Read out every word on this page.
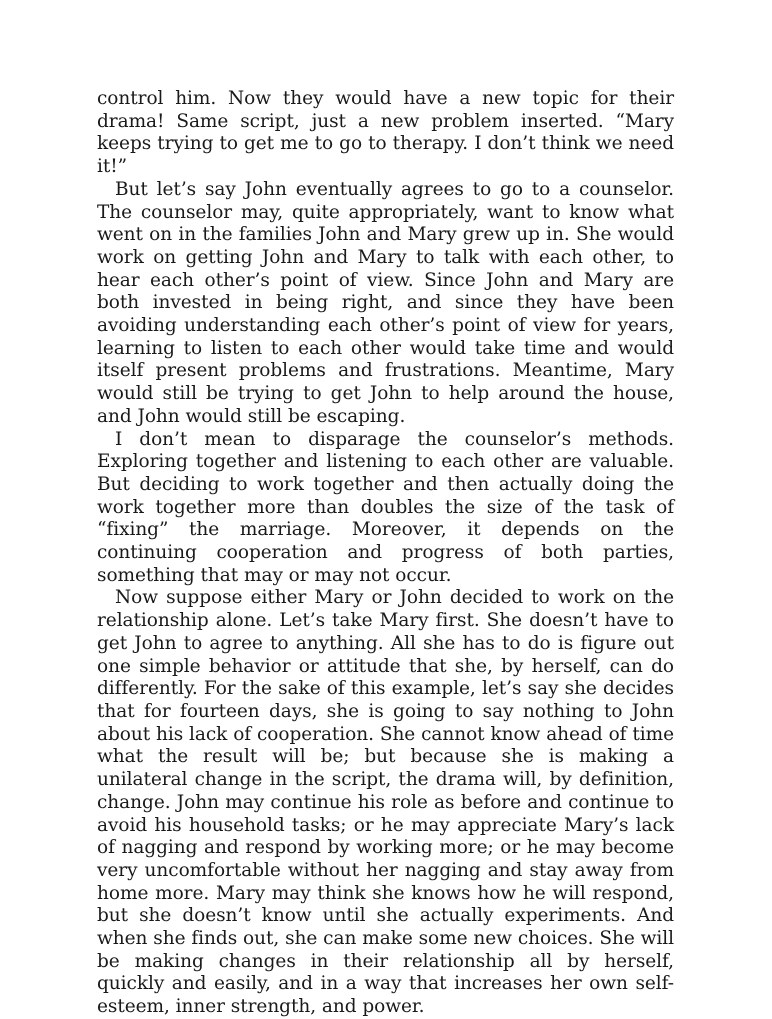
control him. Now they would have a new topic for their drama! Same script, just a new problem inserted. “Mary keeps trying to get me to go to therapy. I don’t think we need it!”

But let’s say John eventually agrees to go to a counselor. The counselor may, quite appropriately, want to know what went on in the families John and Mary grew up in. She would work on getting John and Mary to talk with each other, to hear each other’s point of view. Since John and Mary are both invested in being right, and since they have been avoiding understanding each other’s point of view for years, learning to listen to each other would take time and would itself present problems and frustrations. Meantime, Mary would still be trying to get John to help around the house, and John would still be escaping.

I don’t mean to disparage the counselor’s methods. Exploring together and listening to each other are valuable. But deciding to work together and then actually doing the work together more than doubles the size of the task of “fixing” the marriage. Moreover, it depends on the continuing cooperation and progress of both parties, something that may or may not occur.

Now suppose either Mary or John decided to work on the relationship alone. Let’s take Mary first. She doesn’t have to get John to agree to anything. All she has to do is figure out one simple behavior or attitude that she, by herself, can do differently. For the sake of this example, let’s say she decides that for fourteen days, she is going to say nothing to John about his lack of cooperation. She cannot know ahead of time what the result will be; but because she is making a unilateral change in the script, the drama will, by definition, change. John may continue his role as before and continue to avoid his household tasks; or he may appreciate Mary’s lack of nagging and respond by working more; or he may become very uncomfortable without her nagging and stay away from home more. Mary may think she knows how he will respond, but she doesn’t know until she actually experiments. And when she finds out, she can make some new choices. She will be making changes in their relationship all by herself, quickly and easily, and in a way that increases her own self-esteem, inner strength, and power.
